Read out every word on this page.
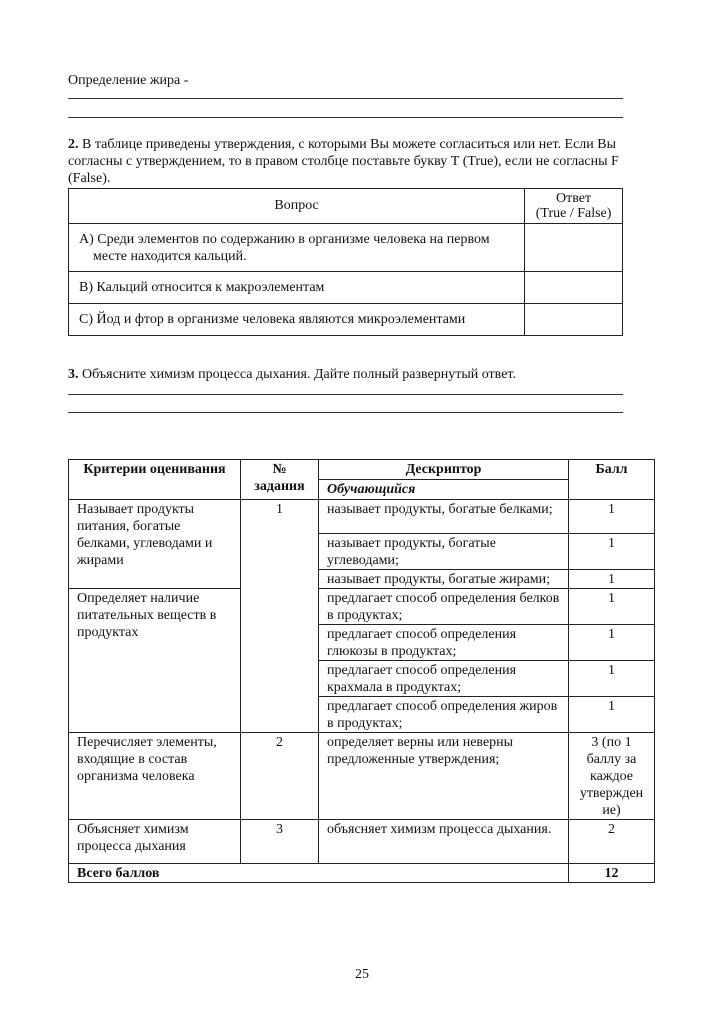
Определение жира -
2. В таблице приведены утверждения, с которыми Вы можете согласиться или нет. Если Вы согласны с утверждением, то в правом столбце поставьте букву Т (True), если не согласны F (False).
Вопрос	Ответ
(True / False)

А) Среди элементов по содержанию в организме человека на первом месте находится кальций.	

В) Кальций относится к макроэлементам	
С) Йод и фтор в организме человека являются микроэлементами	
3. Объясните химизм процесса дыхания. Дайте полный развернутый ответ.
Критерии оценивания	№ задания	Дескриптор	Балл
		Обучающийся	
Называет продукты питания, богатые белками, углеводами и жирами	1	называет продукты, богатые белками;	1
		называет продукты, богатые углеводами;	1
		называет продукты, богатые жирами;	1
Определяет наличие питательных веществ в продуктах		предлагает способ определения белков в продуктах;	1
		предлагает способ определения глюкозы в продуктах;	1
		предлагает способ определения крахмала в продуктах;	1
		предлагает способ определения жиров в продуктах;	1
Перечисляет элементы, входящие в состав организма человека	2	определяет верны или неверны предложенные утверждения;	3 (по 1 баллу за каждое утвержден ие)
Объясняет химизм процесса дыхания	3	объясняет химизм процесса дыхания.	2
Всего баллов			12
25
